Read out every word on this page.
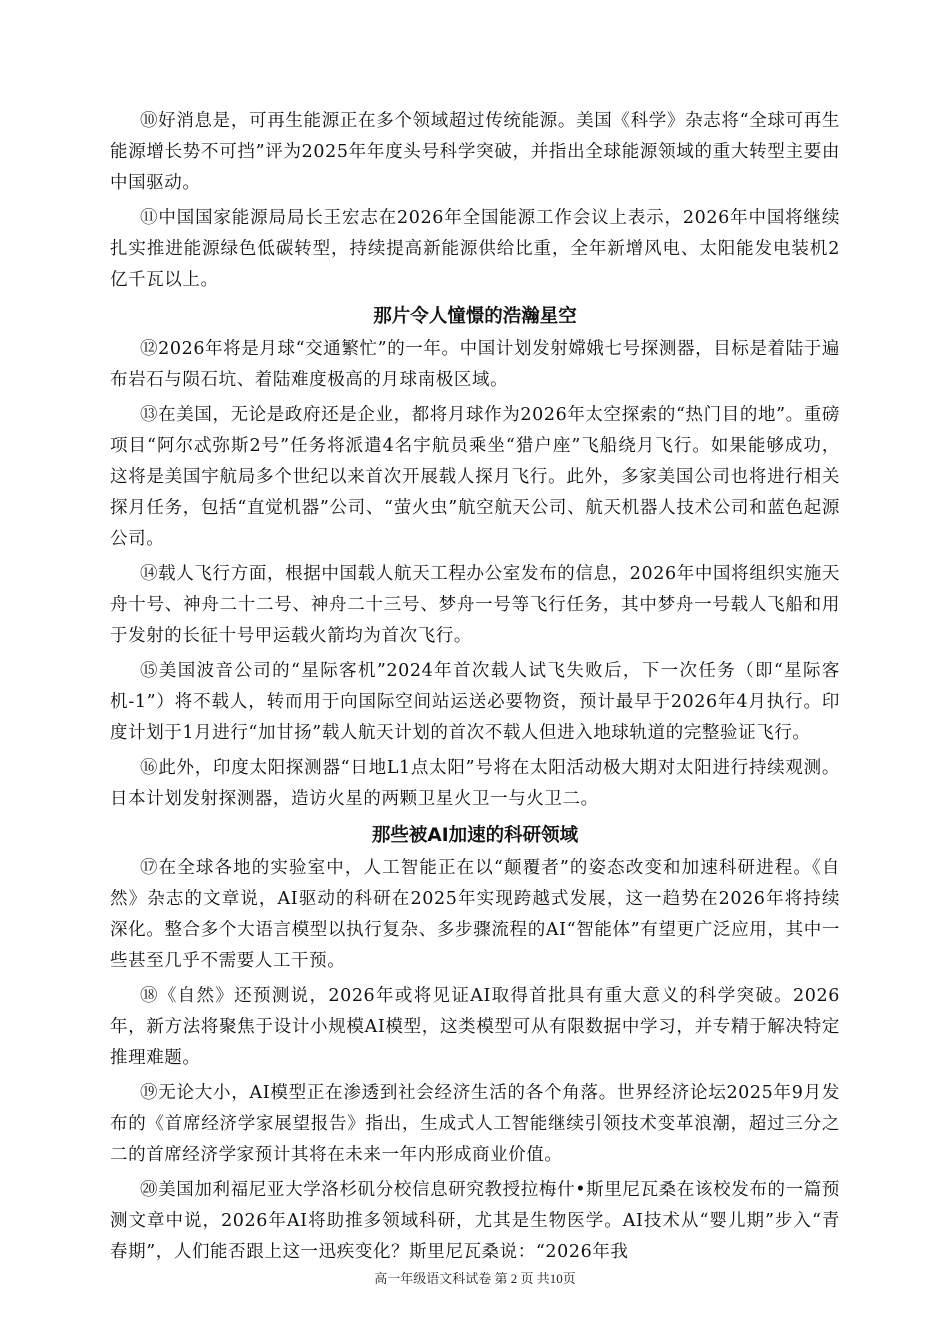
⑩好消息是，可再生能源正在多个领域超过传统能源。美国《科学》杂志将“全球可再生能源增长势不可挡”评为2025年年度头号科学突破，并指出全球能源领域的重大转型主要由中国驱动。

⑪中国国家能源局局长王宏志在2026年全国能源工作会议上表示，2026年中国将继续扎实推进能源绿色低碳转型，持续提高新能源供给比重，全年新增风电、太阳能发电装机2亿千瓦以上。

那片令人憧憬的浩瀚星空

⑫2026年将是月球“交通繁忙”的一年。中国计划发射嫦娥七号探测器，目标是着陆于遍布岩石与陨石坑、着陆难度极高的月球南极区域。

⑬在美国，无论是政府还是企业，都将月球作为2026年太空探索的“热门目的地”。重磅项目“阿尔忒弥斯2号”任务将派遣4名宇航员乘坐“猎户座”飞船绕月飞行。如果能够成功，这将是美国宇航局多个世纪以来首次开展载人探月飞行。此外，多家美国公司也将进行相关探月任务，包括“直觉机器”公司、“萤火虫”航空航天公司、航天机器人技术公司和蓝色起源公司。

⑭载人飞行方面，根据中国载人航天工程办公室发布的信息，2026年中国将组织实施天舟十号、神舟二十二号、神舟二十三号、梦舟一号等飞行任务，其中梦舟一号载人飞船和用于发射的长征十号甲运载火箭均为首次飞行。

⑮美国波音公司的“星际客机”2024年首次载人试飞失败后，下一次任务（即“星际客机-1”）将不载人，转而用于向国际空间站运送必要物资，预计最早于2026年4月执行。印度计划于1月进行“加甘扬”载人航天计划的首次不载人但进入地球轨道的完整验证飞行。

⑯此外，印度太阳探测器“日地L1点太阳”号将在太阳活动极大期对太阳进行持续观测。日本计划发射探测器，造访火星的两颗卫星火卫一与火卫二。

那些被AI加速的科研领域

⑰在全球各地的实验室中，人工智能正在以“颠覆者”的姿态改变和加速科研进程。《自然》杂志的文章说，AI驱动的科研在2025年实现跨越式发展，这一趋势在2026年将持续深化。整合多个大语言模型以执行复杂、多步骤流程的AI“智能体”有望更广泛应用，其中一些甚至几乎不需要人工干预。

⑱《自然》还预测说，2026年或将见证AI取得首批具有重大意义的科学突破。2026年，新方法将聚焦于设计小规模AI模型，这类模型可从有限数据中学习，并专精于解决特定推理难题。

⑲无论大小，AI模型正在渗透到社会经济生活的各个角落。世界经济论坛2025年9月发布的《首席经济学家展望报告》指出，生成式人工智能继续引领技术变革浪潮，超过三分之二的首席经济学家预计其将在未来一年内形成商业价值。

⑳美国加利福尼亚大学洛杉矶分校信息研究教授拉梅什•斯里尼瓦桑在该校发布的一篇预测文章中说，2026年AI将助推多领域科研，尤其是生物医学。AI技术从“婴儿期”步入“青春期”，人们能否跟上这一迅疾变化？斯里尼瓦桑说：“2026年我

高一年级语文科试卷 第 2 页 共10页
